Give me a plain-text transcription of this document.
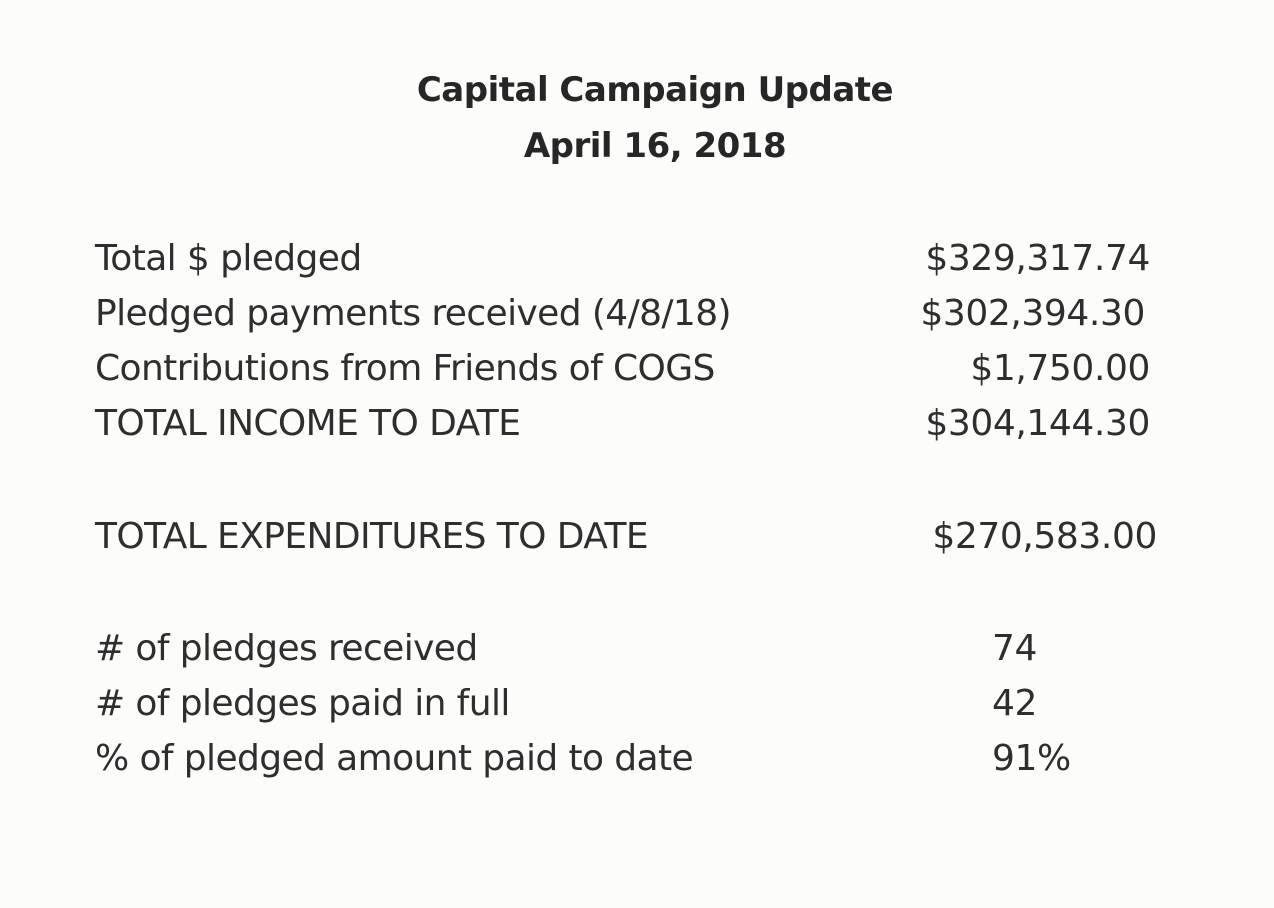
Capital Campaign Update
April 16, 2018
Total $ pledged	$329,317.74
Pledged payments received (4/8/18)	$302,394.30
Contributions from Friends of COGS	$1,750.00
TOTAL INCOME TO DATE	$304,144.30
TOTAL EXPENDITURES TO DATE	$270,583.00
# of pledges received	74
# of pledges paid in full	42
% of pledged amount paid to date	91%
